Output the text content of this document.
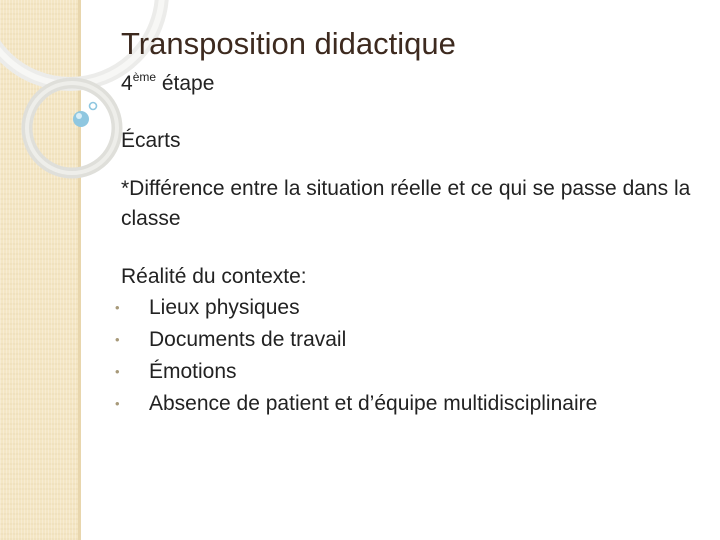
Transposition didactique
4ème étape
Écarts
*Différence entre la situation réelle et ce qui se passe dans la classe
Réalité du contexte:
• Lieux physiques
• Documents de travail
• Émotions
• Absence de patient et d’équipe multidisciplinaire
